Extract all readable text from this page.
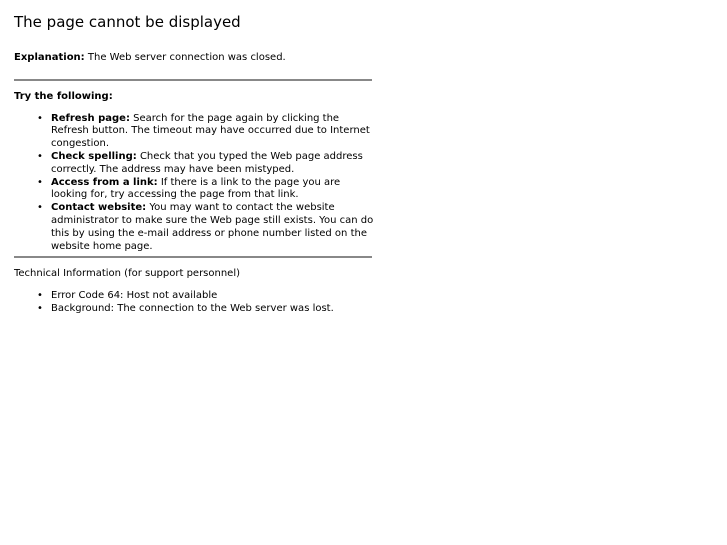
The page cannot be displayed

Explanation: The Web server connection was closed.

Try the following:

• Refresh page: Search for the page again by clicking the Refresh button. The timeout may have occurred due to Internet congestion.
• Check spelling: Check that you typed the Web page address correctly. The address may have been mistyped.
• Access from a link: If there is a link to the page you are looking for, try accessing the page from that link.
• Contact website: You may want to contact the website administrator to make sure the Web page still exists. You can do this by using the e-mail address or phone number listed on the website home page.

Technical Information (for support personnel)

• Error Code 64: Host not available
• Background: The connection to the Web server was lost.
